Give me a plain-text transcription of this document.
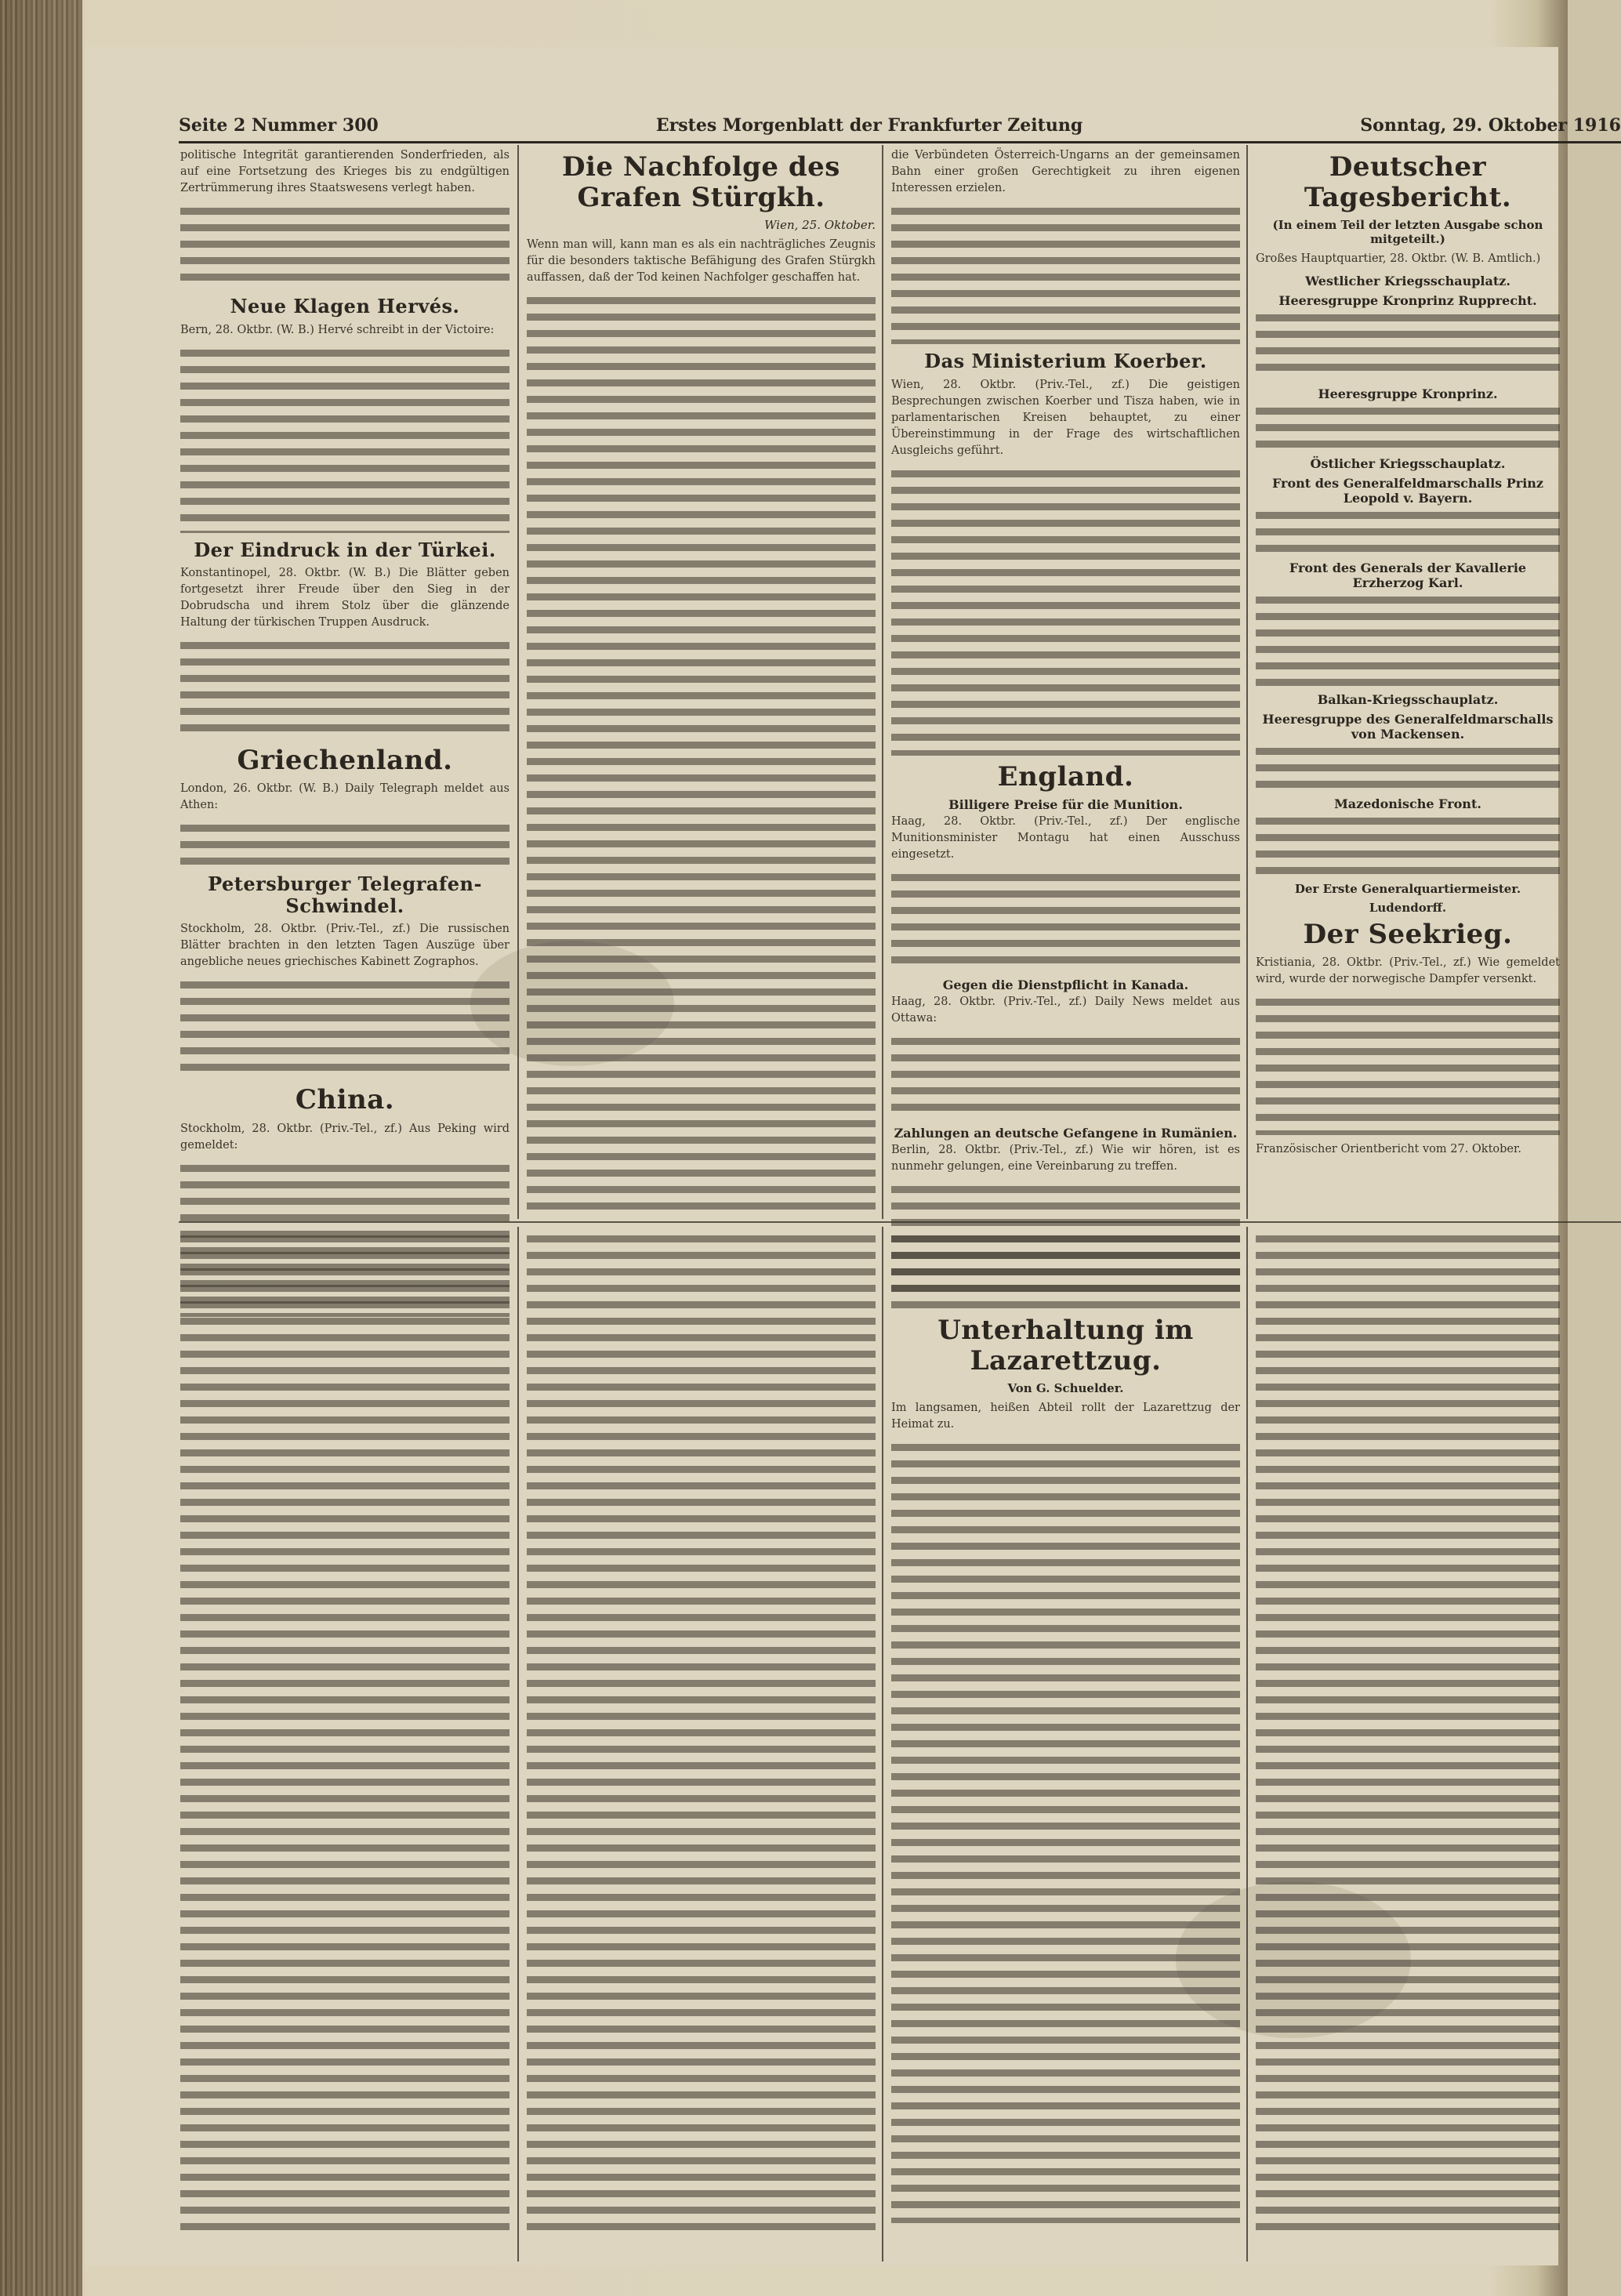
Seite 2 Nummer 300	Erstes Morgenblatt der Frankfurter Zeitung	Sonntag, 29. Oktober 1916

politische Integrität garantierenden Sonderfrieden, als auf eine Fortsetzung des Krieges bis zu endgültigen Zertrümmerung ihres Staatswesens verlegt haben.

Neue Klagen Hervés.

Bern, 28. Oktbr. (W. B.) Hervé schreibt in der Victoire:

Der Eindruck in der Türkei.

Konstantinopel, 28. Oktbr. (W. B.) Die Blätter geben fortgesetzt ihrer Freude über den Sieg in der Dobrudscha und ihrem Stolz über die glänzende Haltung der türkischen Truppen Ausdruck.

Griechenland.

London, 26. Oktbr. (W. B.) Daily Telegraph meldet aus Athen:

Petersburger Telegrafen-Schwindel.

Stockholm, 28. Oktbr. (Priv.-Tel., zf.) Die russischen Blätter brachten in den letzten Tagen Auszüge über angebliche neues griechisches Kabinett Zographos.

China.

Stockholm, 28. Oktbr. (Priv.-Tel., zf.) Aus Peking wird gemeldet:

Die Nachfolge des Grafen Stürgkh.
Wien, 25. Oktober.

Wenn man will, kann man es als ein nachträgliches Zeugnis für die besonders taktische Befähigung des Grafen Stürgkh auffassen, daß der Tod keinen Nachfolger geschaffen hat.

die Verbündeten Österreich-Ungarns an der gemeinsamen Bahn einer großen Gerechtigkeit zu ihren eigenen Interessen erzielen.

Das Ministerium Koerber.

Wien, 28. Oktbr. (Priv.-Tel., zf.) Die geistigen Besprechungen zwischen Koerber und Tisza haben, wie in parlamentarischen Kreisen behauptet, zu einer Übereinstimmung in der Frage des wirtschaftlichen Ausgleichs geführt.

England.
Billigere Preise für die Munition.

Haag, 28. Oktbr. (Priv.-Tel., zf.) Der englische Munitionsminister Montagu hat einen Ausschuss eingesetzt.

Gegen die Dienstpflicht in Kanada.

Haag, 28. Oktbr. (Priv.-Tel., zf.) Daily News meldet aus Ottawa:

Zahlungen an deutsche Gefangene in Rumänien.

Berlin, 28. Oktbr. (Priv.-Tel., zf.) Wie wir hören, ist es nunmehr gelungen, eine Vereinbarung zu treffen.

Deutscher Tagesbericht.
(In einem Teil der letzten Ausgabe schon mitgeteilt.)

Großes Hauptquartier, 28. Oktbr. (W. B. Amtlich.)

Westlicher Kriegsschauplatz.
Heeresgruppe Kronprinz Rupprecht.
Heeresgruppe Kronprinz.
Östlicher Kriegsschauplatz.
Front des Generalfeldmarschalls Prinz Leopold v. Bayern.
Front des Generals der Kavallerie Erzherzog Karl.
Balkan-Kriegsschauplatz.
Heeresgruppe des Generalfeldmarschalls von Mackensen.
Mazedonische Front.
Der Erste Generalquartiermeister.
Ludendorff.
Der Seekrieg.

Kristiania, 28. Oktbr. (Priv.-Tel., zf.) Wie gemeldet wird, wurde der norwegische Dampfer versenkt.

Französischer Orientbericht vom 27. Oktober.

Unterhaltung im Lazarettzug.
Von G. Schuelder.

Im langsamen, heißen Abteil rollt der Lazarettzug der Heimat zu.
